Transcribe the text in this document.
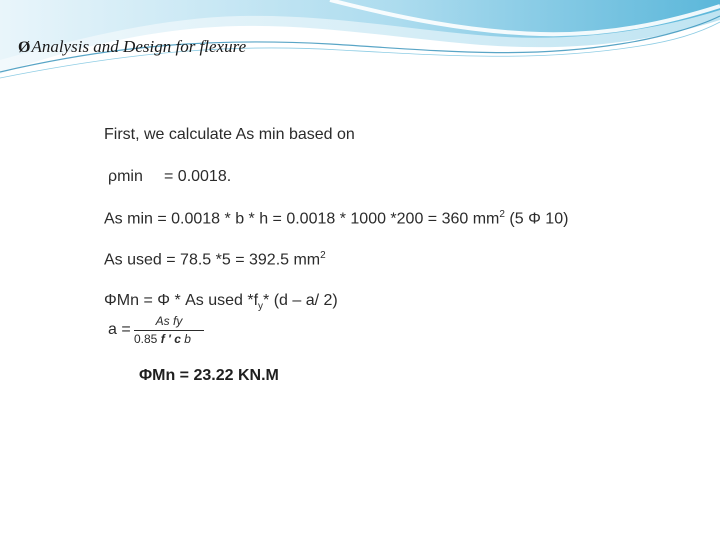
ØAnalysis and Design for flexure
First, we calculate As min based on
ρmin = 0.0018.
As min = 0.0018 * b * h = 0.0018 * 1000 *200 = 360 $mm^2$ (5 Φ 10)
As used = 78.5 *5 = 392.5 $mm^2$
ΦMn = Φ * As used $*f_y*$ (d – a/ 2)
a =	As fy
0.85 f ′ c b
ΦMn = 23.22 KN.M
